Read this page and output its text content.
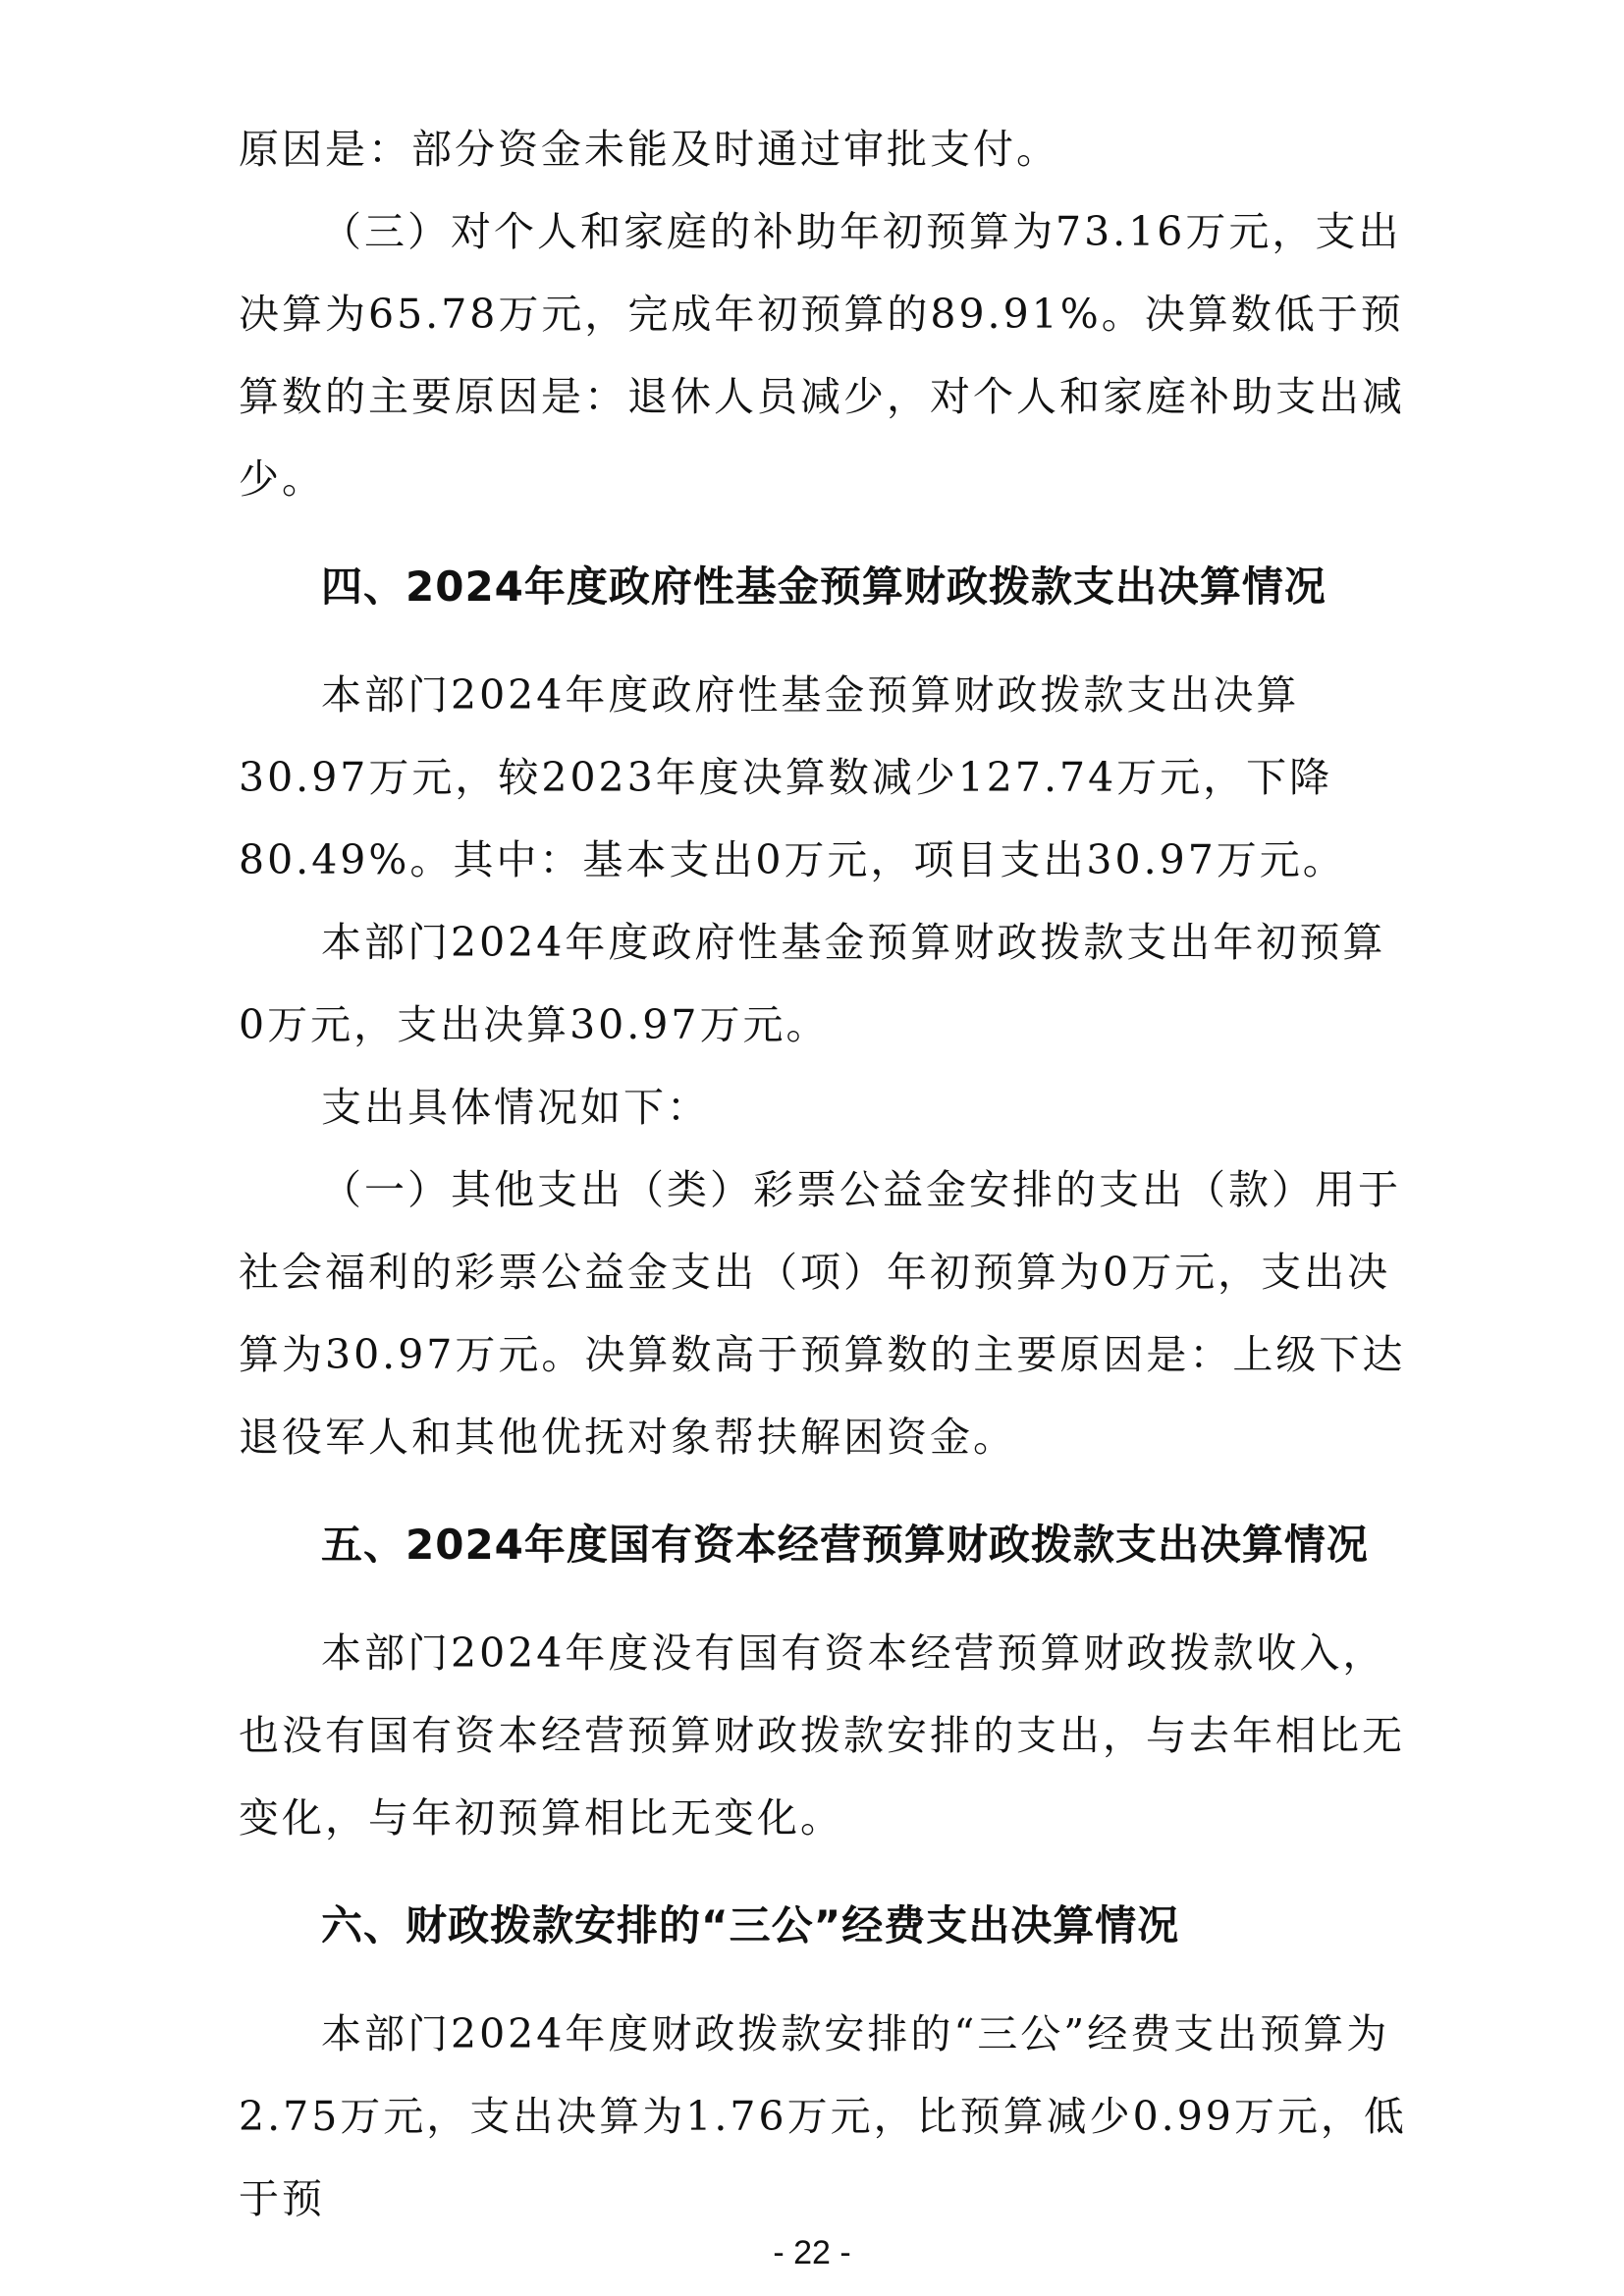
原因是：部分资金未能及时通过审批支付。

（三）对个人和家庭的补助年初预算为73.16万元，支出决算为65.78万元，完成年初预算的89.91%。决算数低于预算数的主要原因是：退休人员减少，对个人和家庭补助支出减少。

四、2024年度政府性基金预算财政拨款支出决算情况

本部门2024年度政府性基金预算财政拨款支出决算30.97万元，较2023年度决算数减少127.74万元，下降80.49%。其中：基本支出0万元，项目支出30.97万元。

本部门2024年度政府性基金预算财政拨款支出年初预算0万元，支出决算30.97万元。

支出具体情况如下：

（一）其他支出（类）彩票公益金安排的支出（款）用于社会福利的彩票公益金支出（项）年初预算为0万元，支出决算为30.97万元。决算数高于预算数的主要原因是：上级下达退役军人和其他优抚对象帮扶解困资金。

五、2024年度国有资本经营预算财政拨款支出决算情况

本部门2024年度没有国有资本经营预算财政拨款收入，也没有国有资本经营预算财政拨款安排的支出，与去年相比无变化，与年初预算相比无变化。

六、财政拨款安排的“三公”经费支出决算情况

本部门2024年度财政拨款安排的“三公”经费支出预算为2.75万元，支出决算为1.76万元，比预算减少0.99万元，低于预

- 22 -
